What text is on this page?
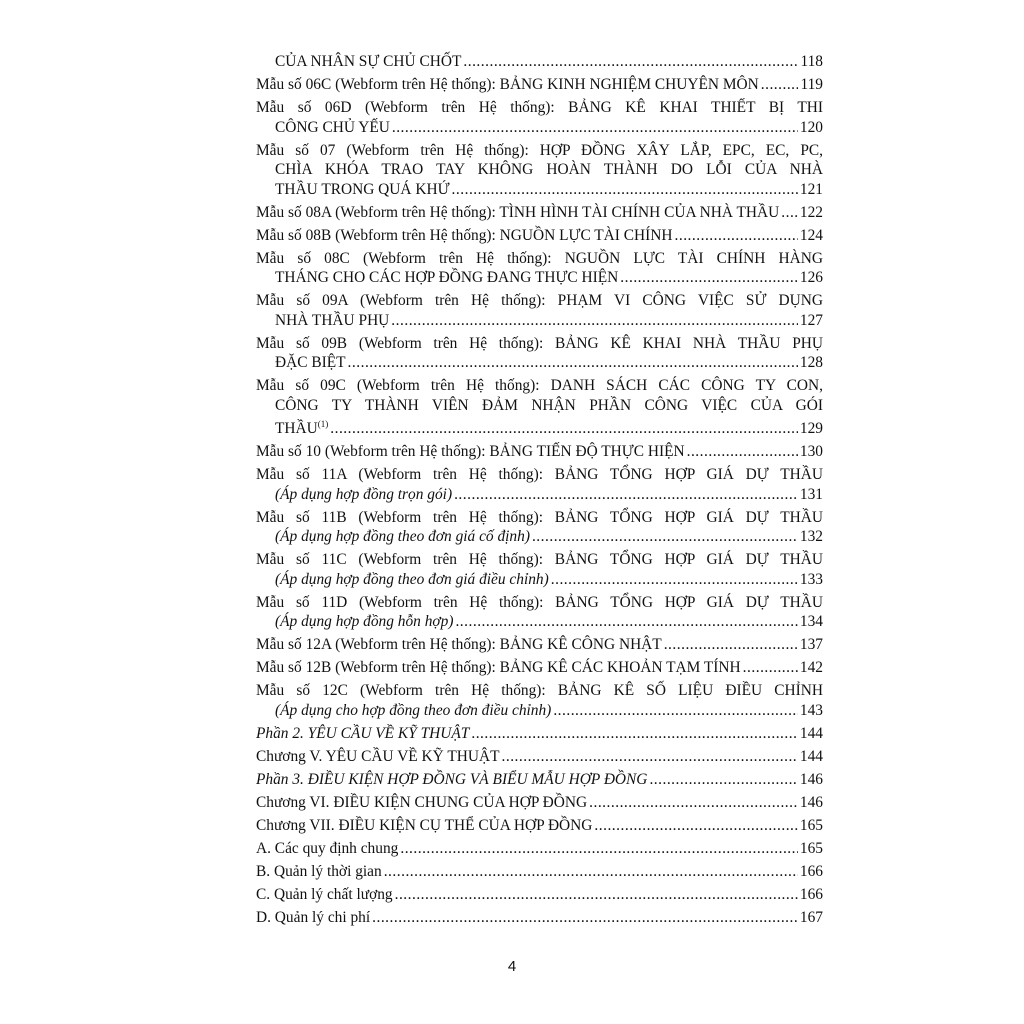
CỦA NHÂN SỰ CHỦ CHỐT .....	118
Mẫu số 06C (Webform trên Hệ thống): BẢNG KINH NGHIỆM CHUYÊN MÔN .....	119
Mẫu số 06D (Webform trên Hệ thống): BẢNG KÊ KHAI THIẾT BỊ THI
CÔNG CHỦ YẾU .....	120
Mẫu số 07 (Webform trên Hệ thống): HỢP ĐỒNG XÂY LẮP, EPC, EC, PC,
CHÌA KHÓA TRAO TAY KHÔNG HOÀN THÀNH DO LỖI CỦA NHÀ
THẦU TRONG QUÁ KHỨ .....	121
Mẫu số 08A (Webform trên Hệ thống): TÌNH HÌNH TÀI CHÍNH CỦA NHÀ THẦU ..... 122
Mẫu số 08B (Webform trên Hệ thống): NGUỒN LỰC TÀI CHÍNH .....	124
Mẫu số 08C (Webform trên Hệ thống): NGUỒN LỰC TÀI CHÍNH HÀNG
THÁNG CHO CÁC HỢP ĐỒNG ĐANG THỰC HIỆN .....	126
Mẫu số 09A (Webform trên Hệ thống): PHẠM VI CÔNG VIỆC SỬ DỤNG
NHÀ THẦU PHỤ .....	127
Mẫu số 09B (Webform trên Hệ thống): BẢNG KÊ KHAI NHÀ THẦU PHỤ
ĐẶC BIỆT .....	128
Mẫu số 09C (Webform trên Hệ thống): DANH SÁCH CÁC CÔNG TY CON,
CÔNG TY THÀNH VIÊN ĐẢM NHẬN PHẦN CÔNG VIỆC CỦA GÓI
THẦU$^{(1)}$ .....	129
Mẫu số 10 (Webform trên Hệ thống): BẢNG TIẾN ĐỘ THỰC HIỆN .....	130
Mẫu số 11A (Webform trên Hệ thống): BẢNG TỔNG HỢP GIÁ DỰ THẦU
(Áp dụng hợp đồng trọn gói) .....	131
Mẫu số 11B (Webform trên Hệ thống): BẢNG TỔNG HỢP GIÁ DỰ THẦU
(Áp dụng hợp đồng theo đơn giá cố định) .....	132
Mẫu số 11C (Webform trên Hệ thống): BẢNG TỔNG HỢP GIÁ DỰ THẦU
(Áp dụng hợp đồng theo đơn giá điều chỉnh) .....	133
Mẫu số 11D (Webform trên Hệ thống): BẢNG TỔNG HỢP GIÁ DỰ THẦU
(Áp dụng hợp đồng hỗn hợp) .....	134
Mẫu số 12A (Webform trên Hệ thống): BẢNG KÊ CÔNG NHẬT .....	137
Mẫu số 12B (Webform trên Hệ thống): BẢNG KÊ CÁC KHOẢN TẠM TÍNH .....	142
Mẫu số 12C (Webform trên Hệ thống): BẢNG KÊ SỐ LIỆU ĐIỀU CHỈNH
(Áp dụng cho hợp đồng theo đơn điều chỉnh) .....	143
Phần 2. YÊU CẦU VỀ KỸ THUẬT .....	144
Chương V. YÊU CẦU VỀ KỸ THUẬT .....	144
Phần 3. ĐIỀU KIỆN HỢP ĐỒNG VÀ BIỂU MẪU HỢP ĐỒNG .....	146
Chương VI. ĐIỀU KIỆN CHUNG CỦA HỢP ĐỒNG .....	146
Chương VII. ĐIỀU KIỆN CỤ THỂ CỦA HỢP ĐỒNG .....	165
A. Các quy định chung .....	165
B. Quản lý thời gian .....	166
C. Quản lý chất lượng .....	166
D. Quản lý chi phí .....	167
4
